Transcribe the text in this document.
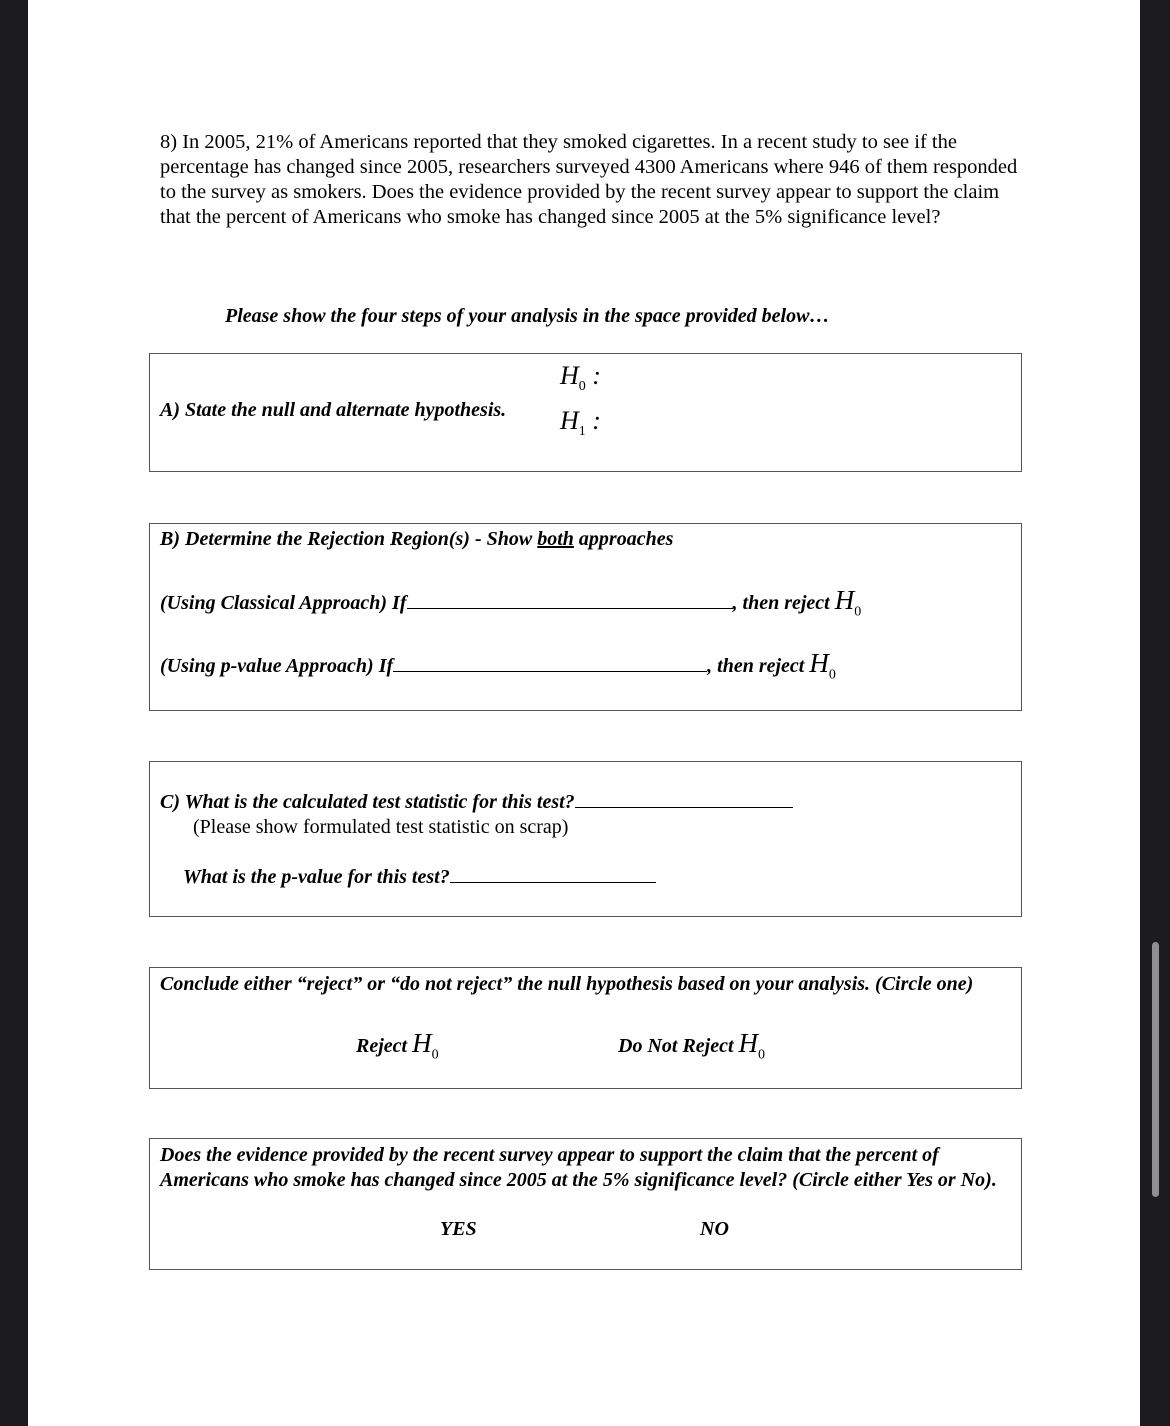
8) In 2005, 21% of Americans reported that they smoked cigarettes. In a recent study to see if the percentage has changed since 2005, researchers surveyed 4300 Americans where 946 of them responded to the survey as smokers. Does the evidence provided by the recent survey appear to support the claim that the percent of Americans who smoke has changed since 2005 at the 5% significance level?
Please show the four steps of your analysis in the space provided below…
A) State the null and alternate hypothesis.
$H_0$ :
$H_1$ :
B) Determine the Rejection Region(s) - Show both approaches
(Using Classical Approach) If	, then reject $H_0$
(Using p-value Approach) If	, then reject $H_0$
C) What is the calculated test statistic for this test?
(Please show formulated test statistic on scrap)
What is the p-value for this test?
Conclude either “reject” or “do not reject” the null hypothesis based on your analysis. (Circle one)
Reject $H_0$	Do Not Reject $H_0$
Does the evidence provided by the recent survey appear to support the claim that the percent of Americans who smoke has changed since 2005 at the 5% significance level? (Circle either Yes or No).
YES	NO
